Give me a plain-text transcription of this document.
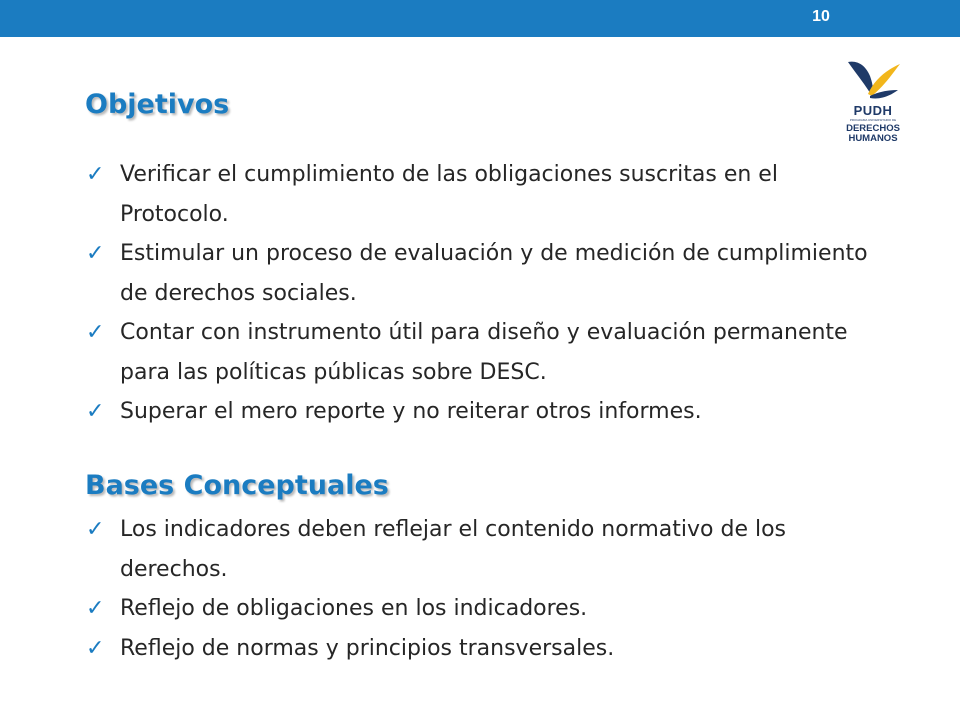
10
PUDH
PROGRAMA UNIVERSITARIO DE
DERECHOS
HUMANOS
Objetivos
✓ Verificar el cumplimiento de las obligaciones suscritas en el Protocolo.
✓ Estimular un proceso de evaluación y de medición de cumplimiento de derechos sociales.
✓ Contar con instrumento útil para diseño y evaluación permanente para las políticas públicas sobre DESC.
✓ Superar el mero reporte y no reiterar otros informes.
Bases Conceptuales
✓ Los indicadores deben reflejar el contenido normativo de los derechos.
✓ Reflejo de obligaciones en los indicadores.
✓ Reflejo de normas y principios transversales.
